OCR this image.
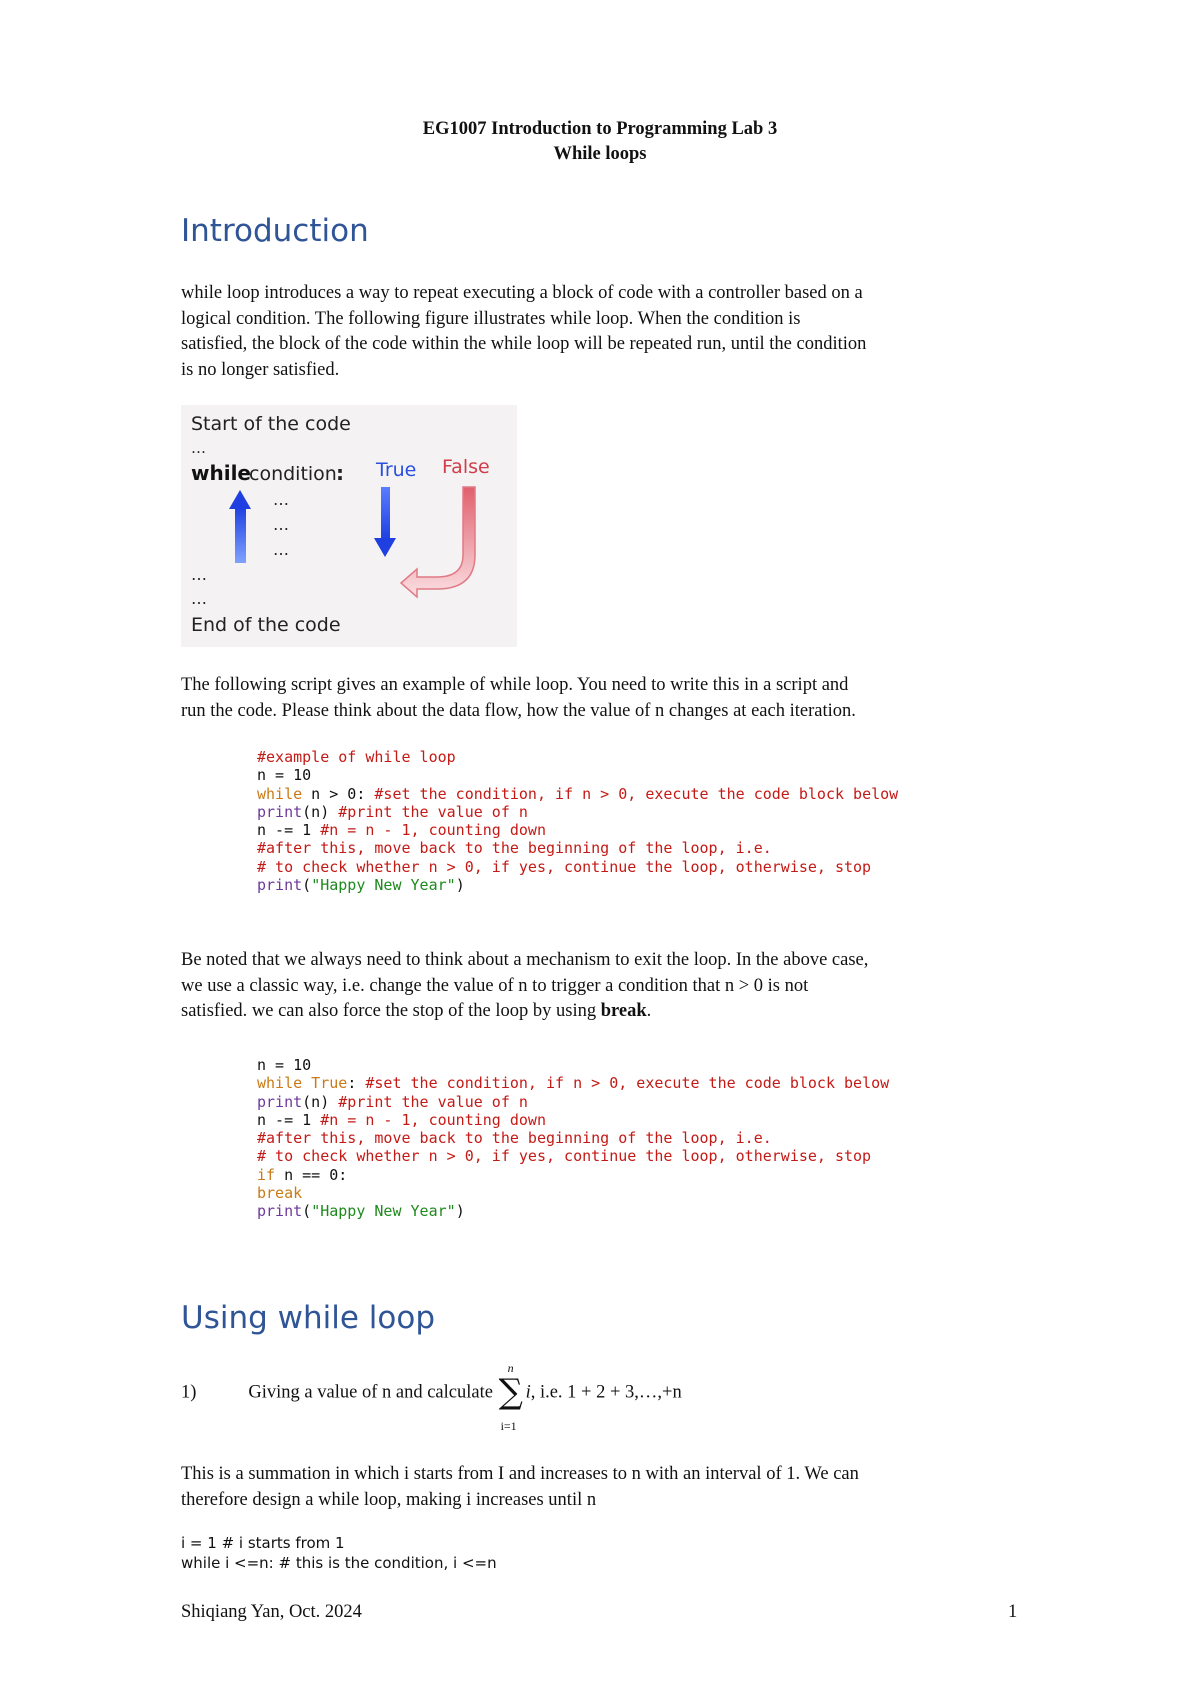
EG1007 Introduction to Programming Lab 3
While loops
Introduction
while loop introduces a way to repeat executing a block of code with a controller based on a
logical condition. The following figure illustrates while loop. When the condition is
satisfied, the block of the code within the while loop will be repeated run, until the condition
is no longer satisfied.
Start of the code
…
while
condition : True False
…
…
…
…
…
End of the code
The following script gives an example of while loop. You need to write this in a script and
run the code. Please think about the data flow, how the value of n changes at each iteration.
#example of while loop
n = 10
while n > 0: #set the condition, if n > 0, execute the code block below
print(n) #print the value of n
n -= 1 #n = n - 1, counting down
#after this, move back to the beginning of the loop, i.e.
# to check whether n > 0, if yes, continue the loop, otherwise, stop
print("Happy New Year")
Be noted that we always need to think about a mechanism to exit the loop. In the above case,
we use a classic way, i.e. change the value of n to trigger a condition that n > 0 is not
satisfied. we can also force the stop of the loop by using break.
n = 10
while True: #set the condition, if n > 0, execute the code block below
print(n) #print the value of n
n -= 1 #n = n - 1, counting down
#after this, move back to the beginning of the loop, i.e.
# to check whether n > 0, if yes, continue the loop, otherwise, stop
if n == 0:
break
print("Happy New Year")
Using while loop
1)	Giving a value of n and calculate
n
∑
i=1
i, i.e. 1 + 2 + 3,…,+n
This is a summation in which i starts from I and increases to n with an interval of 1. We can
therefore design a while loop, making i increases until n
i = 1 # i starts from 1
while i <=n: # this is the condition, i <=n
Shiqiang Yan, Oct. 2024	1
